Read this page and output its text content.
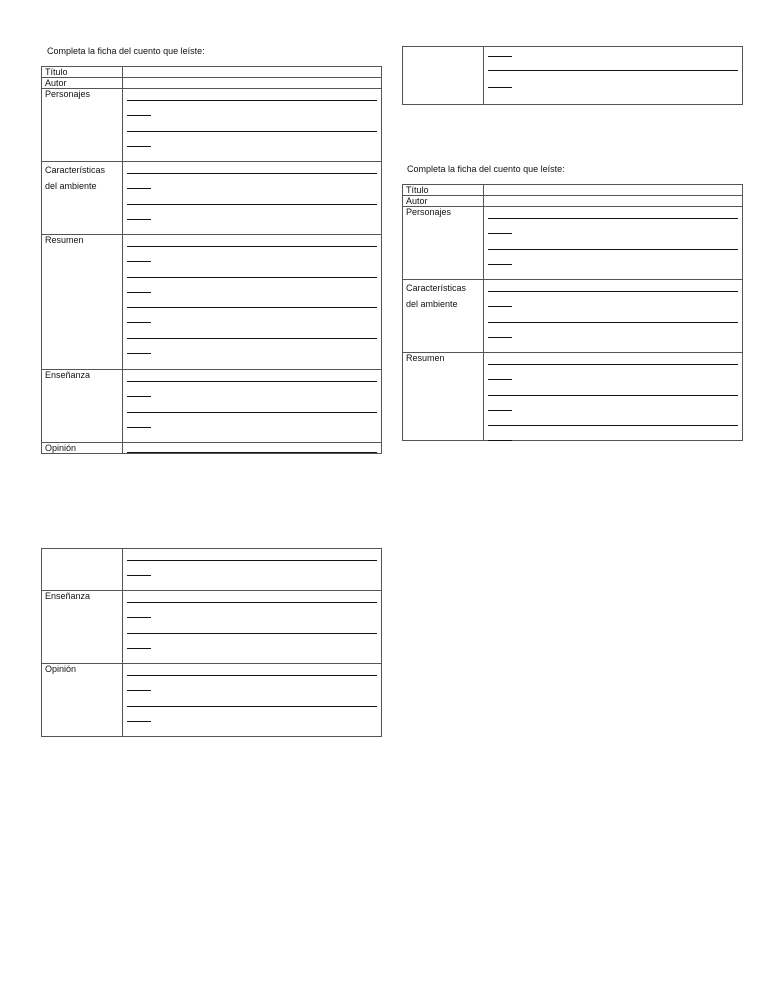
Completa la ficha del cuento que leíste:
Título	
Autor	
Personajes	

Características
del ambiente	

Resumen	

Enseñanza	

Opinión	

Enseñanza	

Opinión	

Completa la ficha del cuento que leíste:
Título	
Autor	
Personajes	

Características
del ambiente	

Resumen	
